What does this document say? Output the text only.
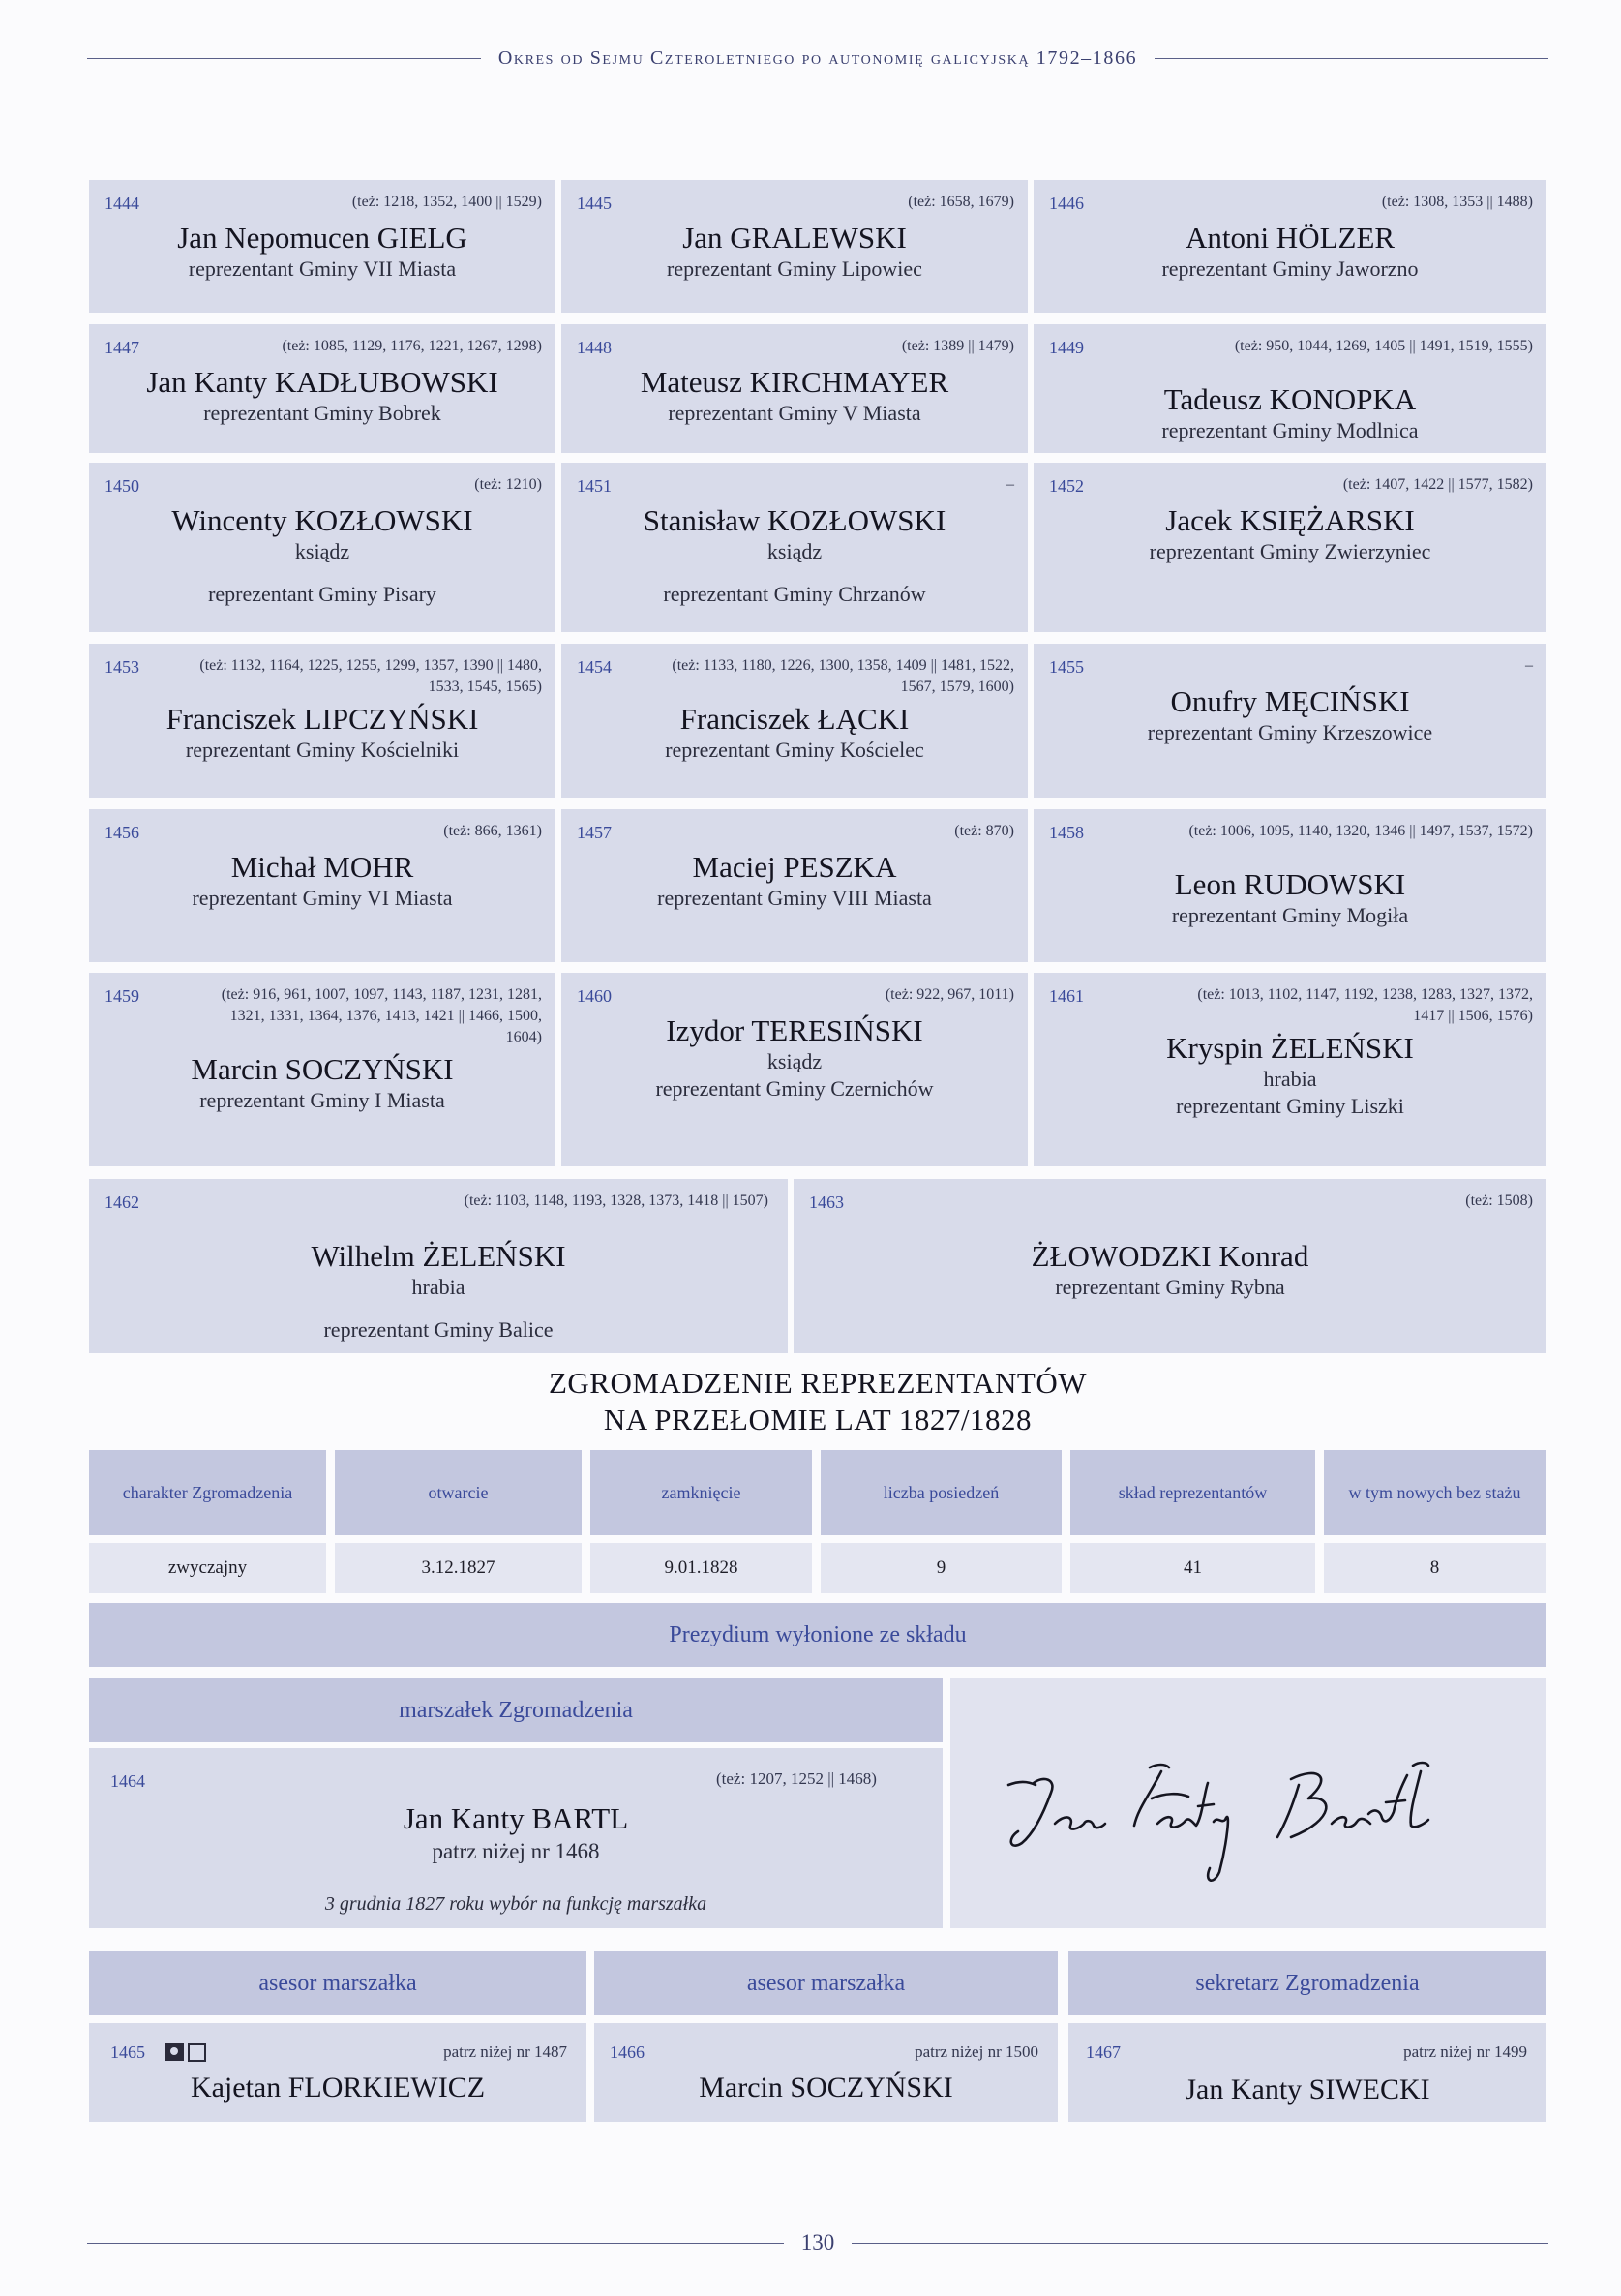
Okres od Sejmu Czteroletniego po autonomię galicyjską 1792–1866
1444	(też: 1218, 1352, 1400 || 1529)
Jan Nepomucen GIELG
reprezentant Gminy VII Miasta
1445	(też: 1658, 1679)
Jan GRALEWSKI
reprezentant Gminy Lipowiec
1446	(też: 1308, 1353 || 1488)
Antoni HÖLZER
reprezentant Gminy Jaworzno
1447	(też: 1085, 1129, 1176, 1221, 1267, 1298)
Jan Kanty KADŁUBOWSKI
reprezentant Gminy Bobrek
1448	(też: 1389 || 1479)
Mateusz KIRCHMAYER
reprezentant Gminy V Miasta
1449	(też: 950, 1044, 1269, 1405 || 1491, 1519, 1555)
Tadeusz KONOPKA
reprezentant Gminy Modlnica
1450	(też: 1210)
Wincenty KOZŁOWSKI
ksiądz
reprezentant Gminy Pisary
1451	–
Stanisław KOZŁOWSKI
ksiądz
reprezentant Gminy Chrzanów
1452	(też: 1407, 1422 || 1577, 1582)
Jacek KSIĘŻARSKI
reprezentant Gminy Zwierzyniec
1453	(też: 1132, 1164, 1225, 1255, 1299, 1357, 1390 || 1480, 1533, 1545, 1565)
Franciszek LIPCZYŃSKI
reprezentant Gminy Kościelniki
1454	(też: 1133, 1180, 1226, 1300, 1358, 1409 || 1481, 1522, 1567, 1579, 1600)
Franciszek ŁĄCKI
reprezentant Gminy Kościelec
1455	–
Onufry MĘCIŃSKI
reprezentant Gminy Krzeszowice
1456	(też: 866, 1361)
Michał MOHR
reprezentant Gminy VI Miasta
1457	(też: 870)
Maciej PESZKA
reprezentant Gminy VIII Miasta
1458	(też: 1006, 1095, 1140, 1320, 1346 || 1497, 1537, 1572)
Leon RUDOWSKI
reprezentant Gminy Mogiła
1459	(też: 916, 961, 1007, 1097, 1143, 1187, 1231, 1281, 1321, 1331, 1364, 1376, 1413, 1421 || 1466, 1500, 1604)
Marcin SOCZYŃSKI
reprezentant Gminy I Miasta
1460	(też: 922, 967, 1011)
Izydor TERESIŃSKI
ksiądz
reprezentant Gminy Czernichów
1461	(też: 1013, 1102, 1147, 1192, 1238, 1283, 1327, 1372, 1417 || 1506, 1576)
Kryspin ŻELEŃSKI
hrabia
reprezentant Gminy Liszki
1462	(też: 1103, 1148, 1193, 1328, 1373, 1418 || 1507)
Wilhelm ŻELEŃSKI
hrabia
reprezentant Gminy Balice
1463	(też: 1508)
ŻŁOWODZKI Konrad
reprezentant Gminy Rybna
ZGROMADZENIE REPREZENTANTÓW
NA PRZEŁOMIE LAT 1827/1828
charakter Zgromadzenia	otwarcie	zamknięcie	liczba posiedzeń	skład reprezentantów	w tym nowych bez stażu
zwyczajny	3.12.1827	9.01.1828	9	41	8
Prezydium wyłonione ze składu
marszałek Zgromadzenia
1464	(też: 1207, 1252 || 1468)
Jan Kanty BARTL
patrz niżej nr 1468
3 grudnia 1827 roku wybór na funkcję marszałka
asesor marszałka	asesor marszałka	sekretarz Zgromadzenia
1465	patrz niżej nr 1487
Kajetan FLORKIEWICZ
1466	patrz niżej nr 1500
Marcin SOCZYŃSKI
1467	patrz niżej nr 1499
Jan Kanty SIWECKI
130
